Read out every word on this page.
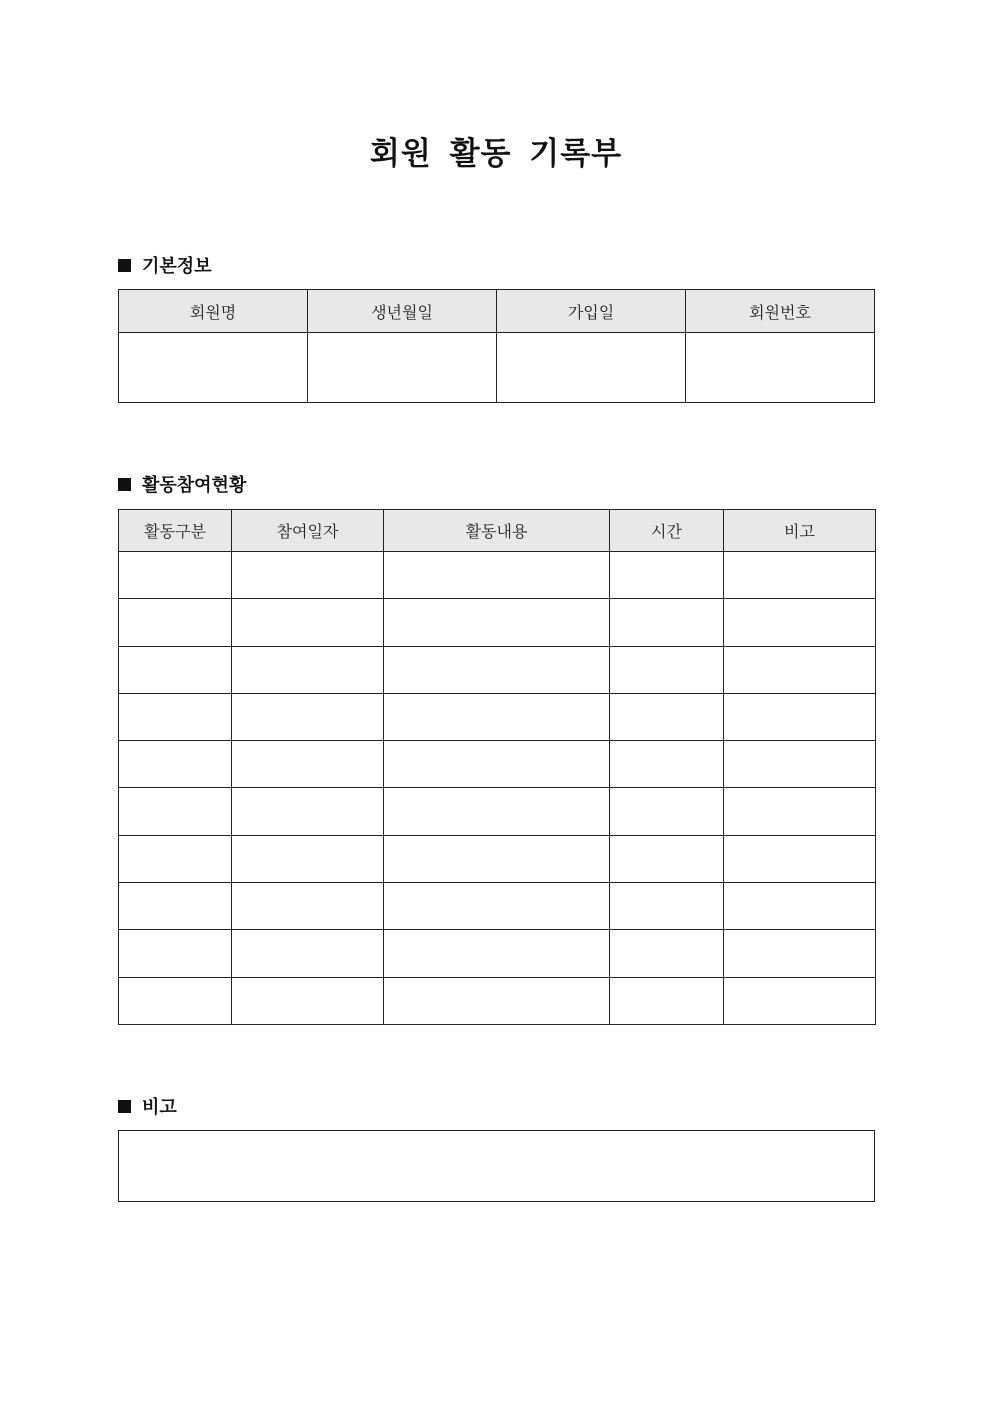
회원 활동 기록부
기본정보
회원명	생년월일	가입일	회원번호

활동참여현황
활동구분	참여일자	활동내용	시간	비고

비고
